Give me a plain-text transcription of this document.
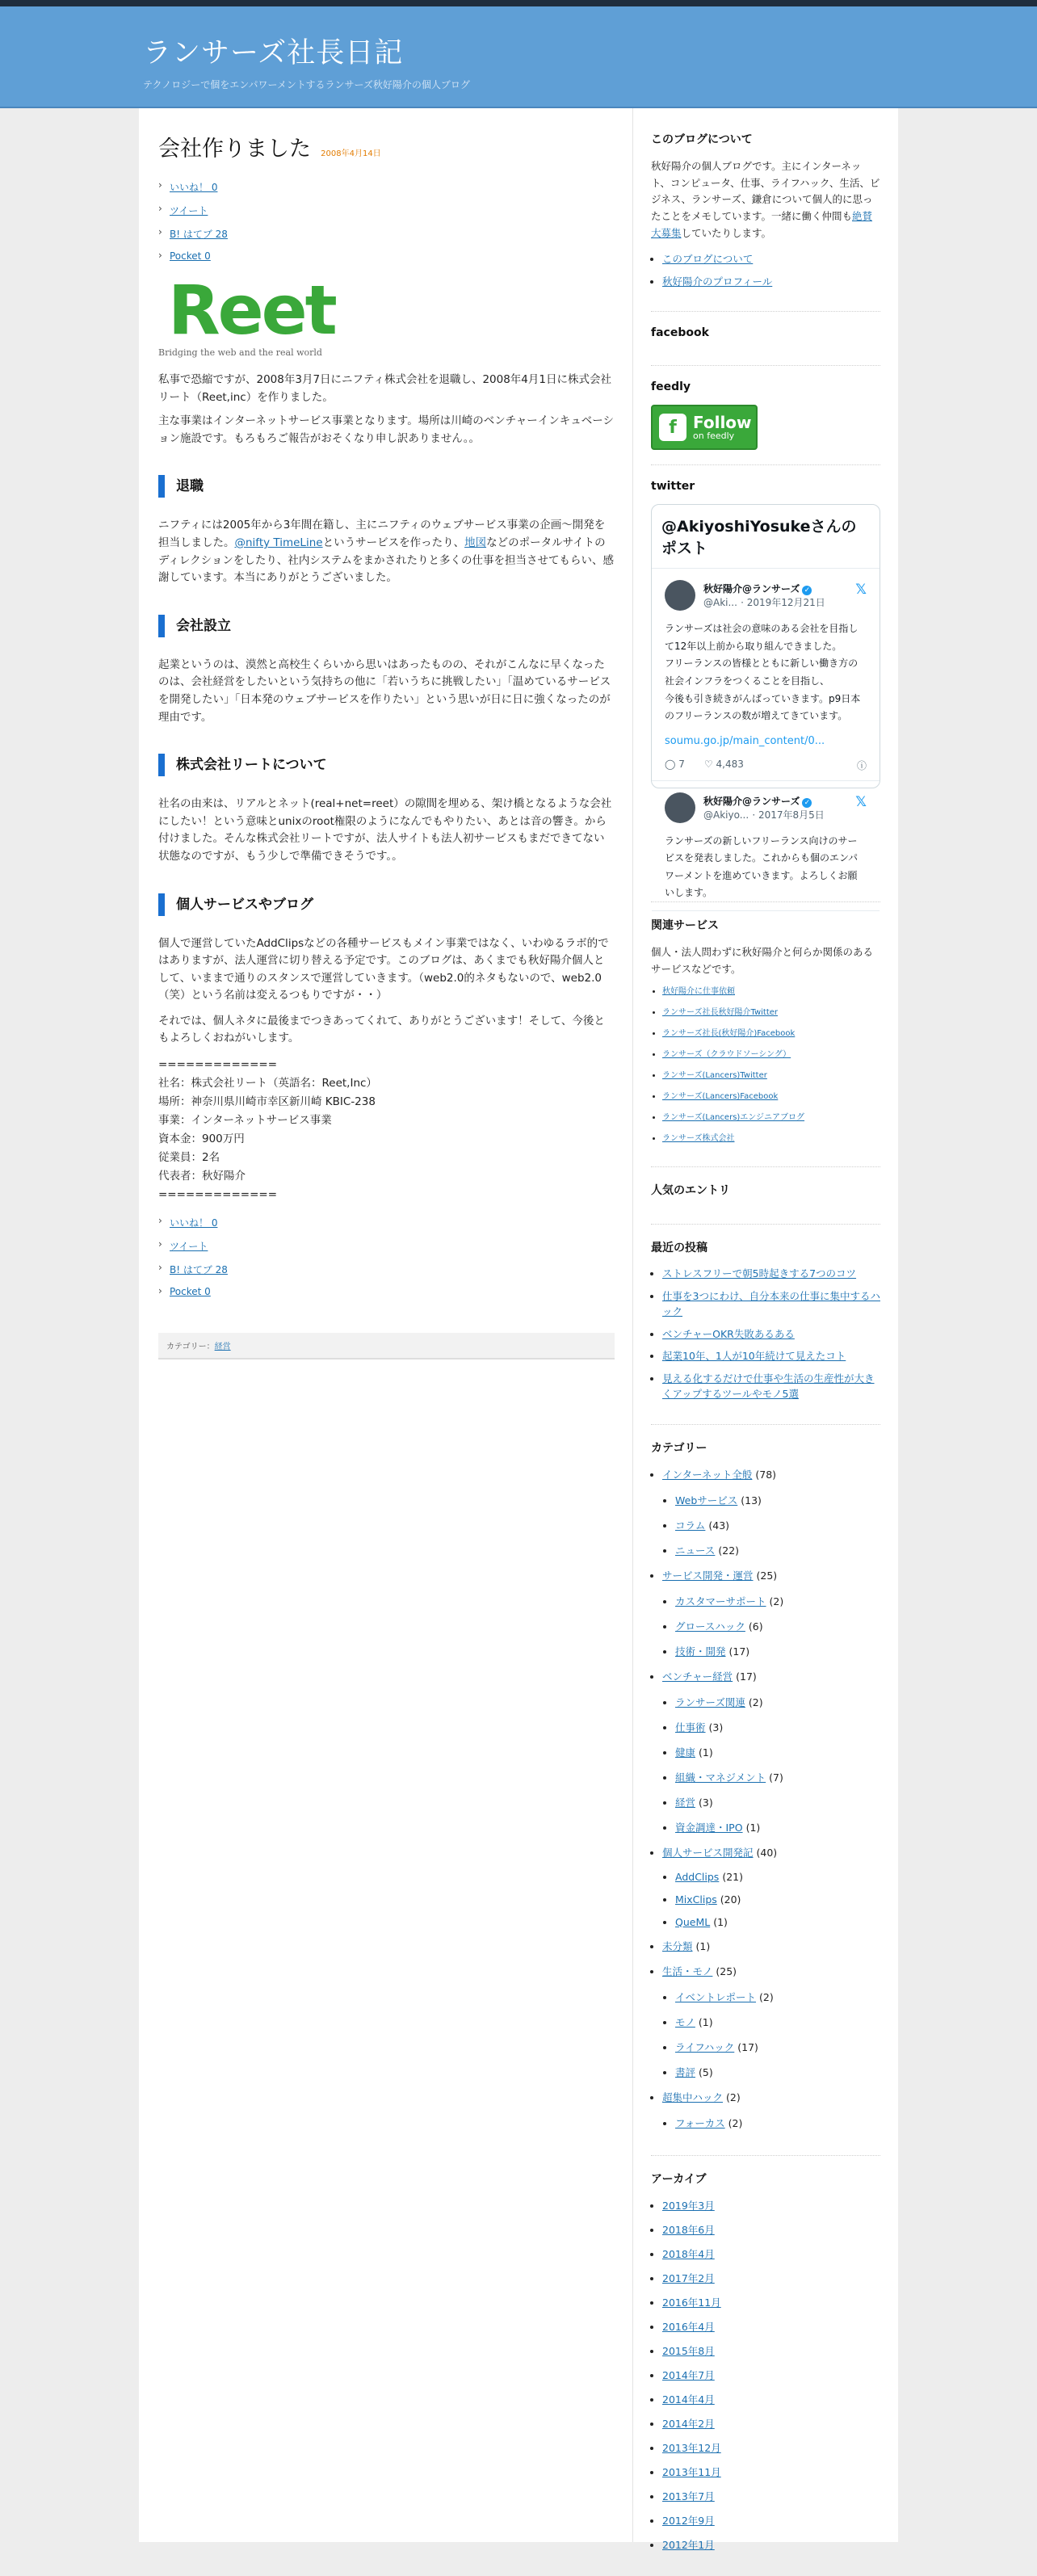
ランサーズ社長日記
テクノロジーで個をエンパワーメントするランサーズ秋好陽介の個人ブログ
会社作りました 2008年4月14日
› いいね！ 0
› ツイート
› B! はてブ 28
› Pocket 0
Reet
Bridging the web and the real world

私事で恐縮ですが、2008年3月7日にニフティ株式会社を退職し、2008年4月1日に株式会社リート（Reet,inc）を作りました。

主な事業はインターネットサービス事業となります。場所は川崎のベンチャーインキュベーション施設です。もろもろご報告がおそくなり申し訳ありません。。

退職

ニフティには2005年から3年間在籍し、主にニフティのウェブサービス事業の企画〜開発を担当しました。@nifty TimeLineというサービスを作ったり、地図などのポータルサイトのディレクションをしたり、社内システムをまかされたりと多くの仕事を担当させてもらい、感謝しています。本当にありがとうございました。

会社設立

起業というのは、漠然と高校生くらいから思いはあったものの、それがこんなに早くなったのは、会社経営をしたいという気持ちの他に「若いうちに挑戦したい」「温めているサービスを開発したい」「日本発のウェブサービスを作りたい」という思いが日に日に強くなったのが理由です。

株式会社リートについて

社名の由来は、リアルとネット(real+net=reet）の隙間を埋める、架け橋となるような会社にしたい！という意味とunixのroot権限のようになんでもやりたい、あとは音の響き。から付けました。そんな株式会社リートですが、法人サイトも法人初サービスもまだできてない状態なのですが、もう少しで準備できそうです。。

個人サービスやブログ

個人で運営していたAddClipsなどの各種サービスもメイン事業ではなく、いわゆるラボ的ではありますが、法人運営に切り替える予定です。このブログは、あくまでも秋好陽介個人として、いままで通りのスタンスで運営していきます。（web2.0的ネタもないので、web2.0（笑）という名前は変えるつもりですが・・）

それでは、個人ネタに最後までつきあってくれて、ありがとうございます！そして、今後ともよろしくおねがいします。

=============
社名：株式会社リート（英語名：Reet,Inc）
場所：神奈川県川崎市幸区新川崎 KBIC-238
事業：インターネットサービス事業
資本金：900万円
従業員：2名
代表者：秋好陽介
=============
› いいね！ 0
› ツイート
› B! はてブ 28
› Pocket 0
カテゴリー：経営
このブログについて

秋好陽介の個人ブログです。主にインターネット、コンピュータ、仕事、ライフハック、生活、ビジネス、ランサーズ、鎌倉について個人的に思ったことをメモしています。一緒に働く仲間も絶賛大募集していたりします。

• このブログについて
• 秋好陽介のプロフィール
facebook
feedly
f	Follow
on feedly
twitter
@AkiyoshiYosukeさんのポスト
𝕏
秋好陽介@ランサーズ ✓
@Aki... · 2019年12月21日
ランサーズは社会の意味のある会社を目指して12年以上前から取り組んできました。
フリーランスの皆様とともに新しい働き方の社会インフラをつくることを目指し、
今後も引き続きがんばっていきます。p9日本のフリーランスの数が増えてきています。
soumu.go.jp/main_content/0...
◯ 7 ♡ 4,483	ⓘ
𝕏
秋好陽介@ランサーズ ✓
@Akiyo... · 2017年8月5日
ランサーズの新しいフリーランス向けのサービスを発表しました。これからも個のエンパワーメントを進めていきます。よろしくお願いします。
関連サービス

個人・法人問わずに秋好陽介と何らか関係のあるサービスなどです。

• 秋好陽介に仕事依頼
• ランサーズ社長秋好陽介Twitter
• ランサーズ社長(秋好陽介)Facebook
• ランサーズ（クラウドソーシング）
• ランサーズ(Lancers)Twitter
• ランサーズ(Lancers)Facebook
• ランサーズ(Lancers)エンジニアブログ
• ランサーズ株式会社
人気のエントリ
最近の投稿
• ストレスフリーで朝5時起きする7つのコツ
• 仕事を3つにわけ、自分本来の仕事に集中するハック
• ベンチャーOKR失敗あるある
• 起業10年、1人が10年続けて見えたコト
• 見える化するだけで仕事や生活の生産性が大きくアップするツールやモノ5選
カテゴリー
• インターネット全般 (78)
• Webサービス (13)
• コラム (43)
• ニュース (22)
• サービス開発・運営 (25)
• カスタマーサポート (2)
• グロースハック (6)
• 技術・開発 (17)
• ベンチャー経営 (17)
• ランサーズ関連 (2)
• 仕事術 (3)
• 健康 (1)
• 組織・マネジメント (7)
• 経営 (3)
• 資金調達・IPO (1)
• 個人サービス開発記 (40)
• AddClips (21)
• MixClips (20)
• QueML (1)
• 未分類 (1)
• 生活・モノ (25)
• イベントレポート (2)
• モノ (1)
• ライフハック (17)
• 書評 (5)
• 超集中ハック (2)
• フォーカス (2)
アーカイブ
• 2019年3月
• 2018年6月
• 2018年4月
• 2017年2月
• 2016年11月
• 2016年4月
• 2015年8月
• 2014年7月
• 2014年4月
• 2014年2月
• 2013年12月
• 2013年11月
• 2013年7月
• 2012年9月
• 2012年1月
